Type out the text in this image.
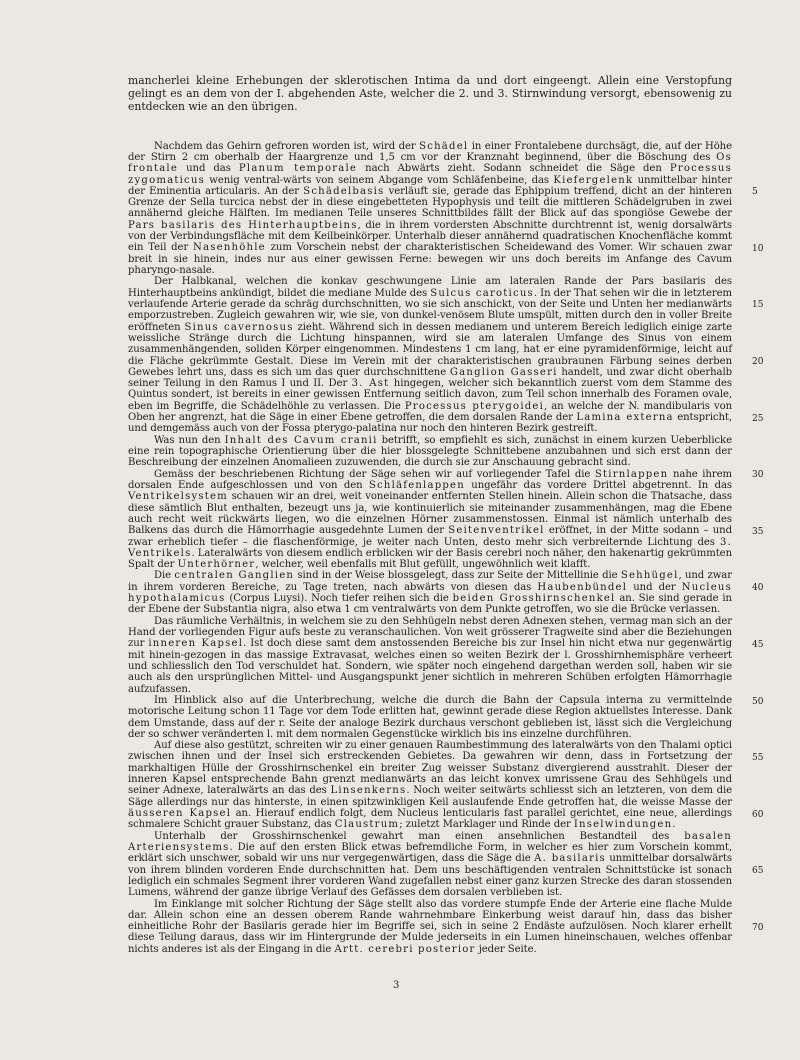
mancherlei kleine Erhebungen der sklerotischen Intima da und dort eingeengt. Allein eine Verstopfung gelingt es an dem von der I. abgehenden Aste, welcher die 2. und 3. Stirnwindung versorgt, ebensowenig zu entdecken wie an den übrigen.

Nachdem das Gehirn gefroren worden ist, wird der Schädel in einer Frontalebene durchsägt, die, auf der Höhe der Stirn 2 cm oberhalb der Haargrenze und 1,5 cm vor der Kranznaht beginnend, über die Böschung des Os frontale und das Planum temporale nach Abwärts zieht. Sodann schneidet die Säge den Processus zygomaticus wenig ventral-wärts von seinem Abgange vom Schläfenbeine, das Kiefergelenk unmittelbar hinter der Eminentia articularis. An der Schädelbasis verläuft sie, gerade das Ephippium treffend, dicht an der hinteren Grenze der Sella turcica nebst der in diese eingebetteten Hypophysis und teilt die mittleren Schädelgruben in zwei annähernd gleiche Hälften. Im medianen Teile unseres Schnittbildes fällt der Blick auf das spongiöse Gewebe der Pars basilaris des Hinterhauptbeins, die in ihrem vordersten Abschnitte durchtrennt ist, wenig dorsalwärts von der Verbindungsfläche mit dem Keilbeinkörper. Unterhalb dieser annähernd quadratischen Knochenfläche kommt ein Teil der Nasenhöhle zum Vorschein nebst der charakteristischen Scheidewand des Vomer. Wir schauen zwar breit in sie hinein, indes nur aus einer gewissen Ferne: bewegen wir uns doch bereits im Anfange des Cavum pharyngo-nasale.

Der Halbkanal, welchen die konkav geschwungene Linie am lateralen Rande der Pars basilaris des Hinterhauptbeins ankündigt, bildet die mediane Mulde des Sulcus caroticus. In der That sehen wir die in letzterem verlaufende Arterie gerade da schräg durchschnitten, wo sie sich anschickt, von der Seite und Unten her medianwärts emporzustreben. Zugleich gewahren wir, wie sie, von dunkel-venösem Blute umspült, mitten durch den in voller Breite eröffneten Sinus cavernosus zieht. Während sich in dessen medianem und unterem Bereich lediglich einige zarte weissliche Stränge durch die Lichtung hinspannen, wird sie am lateralen Umfange des Sinus von einem zusammenhängenden, soliden Körper eingenommen. Mindestens 1 cm lang, hat er eine pyramidenförmige, leicht auf die Fläche gekrümmte Gestalt. Diese im Verein mit der charakteristischen graubraunen Färbung seines derben Gewebes lehrt uns, dass es sich um das quer durchschnittene Ganglion Gasseri handelt, und zwar dicht oberhalb seiner Teilung in den Ramus I und II. Der 3. Ast hingegen, welcher sich bekanntlich zuerst vom dem Stamme des Quintus sondert, ist bereits in einer gewissen Entfernung seitlich davon, zum Teil schon innerhalb des Foramen ovale, eben im Begriffe, die Schädelhöhle zu verlassen. Die Processus pterygoidei, an welche der N. mandibularis von Oben her angrenzt, hat die Säge in einer Ebene getroffen, die dem dorsalen Rande der Lamina externa entspricht, und demgemäss auch von der Fossa pterygo-palatina nur noch den hinteren Bezirk gestreift.

Was nun den Inhalt des Cavum cranii betrifft, so empfiehlt es sich, zunächst in einem kurzen Ueberblicke eine rein topographische Orientierung über die hier blossgelegte Schnittebene anzubahnen und sich erst dann der Beschreibung der einzelnen Anomalieen zuzuwenden, die durch sie zur Anschauung gebracht sind.

Gemäss der beschriebenen Richtung der Säge sehen wir auf vorliegender Tafel die Stirnlappen nahe ihrem dorsalen Ende aufgeschlossen und von den Schläfenlappen ungefähr das vordere Drittel abgetrennt. In das Ventrikelsystem schauen wir an drei, weit voneinander entfernten Stellen hinein. Allein schon die Thatsache, dass diese sämtlich Blut enthalten, bezeugt uns ja, wie kontinuierlich sie miteinander zusammenhängen, mag die Ebene auch recht weit rückwärts liegen, wo die einzelnen Hörner zusammenstossen. Einmal ist nämlich unterhalb des Balkens das durch die Hämorrhagie ausgedehnte Lumen der Seitenventrikel eröffnet, in der Mitte sodann – und zwar erheblich tiefer – die flaschenförmige, je weiter nach Unten, desto mehr sich verbreiternde Lichtung des 3. Ventrikels. Lateralwärts von diesem endlich erblicken wir der Basis cerebri noch näher, den hakenartig gekrümmten Spalt der Unterhörner, welcher, weil ebenfalls mit Blut gefüllt, ungewöhnlich weit klafft.

Die centralen Ganglien sind in der Weise blossgelegt, dass zur Seite der Mittellinie die Sehhügel, und zwar in ihrem vorderen Bereiche, zu Tage treten, nach abwärts von diesen das Haubenbündel und der Nucleus hypothalamicus (Corpus Luysi). Noch tiefer reihen sich die beiden Grosshirnschenkel an. Sie sind gerade in der Ebene der Substantia nigra, also etwa 1 cm ventralwärts von dem Punkte getroffen, wo sie die Brücke verlassen.

Das räumliche Verhältnis, in welchem sie zu den Sehhügeln nebst deren Adnexen stehen, vermag man sich an der Hand der vorliegenden Figur aufs beste zu veranschaulichen. Von weit grösserer Tragweite sind aber die Beziehungen zur inneren Kapsel. Ist doch diese samt dem anstossenden Bereiche bis zur Insel hin nicht etwa nur gegenwärtig mit hinein-gezogen in das massige Extravasat, welches einen so weiten Bezirk der l. Grosshirnhemisphäre verheert und schliesslich den Tod verschuldet hat. Sondern, wie später noch eingehend dargethan werden soll, haben wir sie auch als den ursprünglichen Mittel- und Ausgangspunkt jener sichtlich in mehreren Schüben erfolgten Hämorrhagie aufzufassen.

Im Hinblick also auf die Unterbrechung, welche die durch die Bahn der Capsula interna zu vermittelnde motorische Leitung schon 11 Tage vor dem Tode erlitten hat, gewinnt gerade diese Region aktuellstes Interesse. Dank dem Umstande, dass auf der r. Seite der analoge Bezirk durchaus verschont geblieben ist, lässt sich die Vergleichung der so schwer veränderten l. mit dem normalen Gegenstücke wirklich bis ins einzelne durchführen.

Auf diese also gestützt, schreiten wir zu einer genauen Raumbestimmung des lateralwärts von den Thalami optici zwischen ihnen und der Insel sich erstreckenden Gebietes. Da gewahren wir denn, dass in Fortsetzung der markhaltigen Hülle der Grosshirnschenkel ein breiter Zug weisser Substanz divergierend ausstrahlt. Dieser der inneren Kapsel entsprechende Bahn grenzt medianwärts an das leicht konvex umrissene Grau des Sehhügels und seiner Adnexe, lateralwärts an das des Linsenkerns. Noch weiter seitwärts schliesst sich an letzteren, von dem die Säge allerdings nur das hinterste, in einen spitzwinkligen Keil auslaufende Ende getroffen hat, die weisse Masse der äusseren Kapsel an. Hierauf endlich folgt, dem Nucleus lenticularis fast parallel gerichtet, eine neue, allerdings schmalere Schicht grauer Substanz, das Claustrum; zuletzt Marklager und Rinde der Inselwindungen.

Unterhalb der Grosshirnschenkel gewahrt man einen ansehnlichen Bestandteil des basalen Arteriensystems. Die auf den ersten Blick etwas befremdliche Form, in welcher es hier zum Vorschein kommt, erklärt sich unschwer, sobald wir uns nur vergegenwärtigen, dass die Säge die A. basilaris unmittelbar dorsalwärts von ihrem blinden vorderen Ende durchschnitten hat. Dem uns beschäftigenden ventralen Schnittstücke ist sonach lediglich ein schmales Segment ihrer vorderen Wand zugefallen nebst einer ganz kurzen Strecke des daran stossenden Lumens, während der ganze übrige Verlauf des Gefässes dem dorsalen verblieben ist.

Im Einklange mit solcher Richtung der Säge stellt also das vordere stumpfe Ende der Arterie eine flache Mulde dar. Allein schon eine an dessen oberem Rande wahrnehmbare Einkerbung weist darauf hin, dass das bisher einheitliche Rohr der Basilaris gerade hier im Begriffe sei, sich in seine 2 Endäste aufzulösen. Noch klarer erhellt diese Teilung daraus, dass wir im Hintergrunde der Mulde jederseits in ein Lumen hineinschauen, welches offenbar nichts anderes ist als der Eingang in die Artt. cerebri posterior jeder Seite.

3
5
10
15
20
25
30
35
40
45
50
55
60
65
70
